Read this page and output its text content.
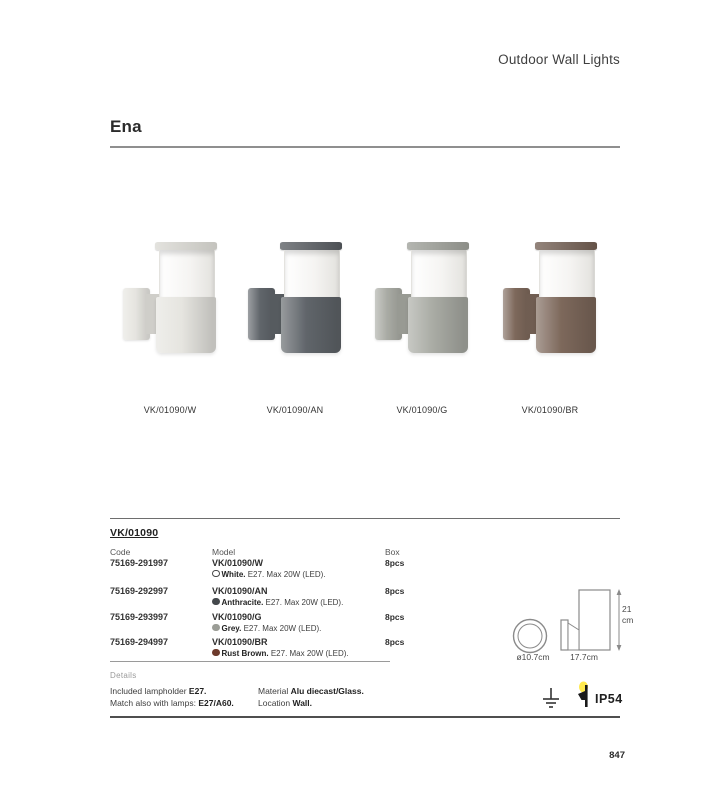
Outdoor Wall Lights
Ena
VK/01090/W	VK/01090/AN	VK/01090/G	VK/01090/BR
VK/01090
Code	Model	Box
75169-291997	VK/01090/W	8pcs
White. E27. Max 20W (LED).
75169-292997	VK/01090/AN	8pcs
Anthracite. E27. Max 20W (LED).
75169-293997	VK/01090/G	8pcs
Grey. E27. Max 20W (LED).
75169-294997	VK/01090/BR	8pcs
Rust Brown. E27. Max 20W (LED).
Details
Included lampholder E27.
Match also with lamps: E27/A60.
Material Alu diecast/Glass.
Location Wall.
ø10.7cm	17.7cm
21
cm
IP54
847
